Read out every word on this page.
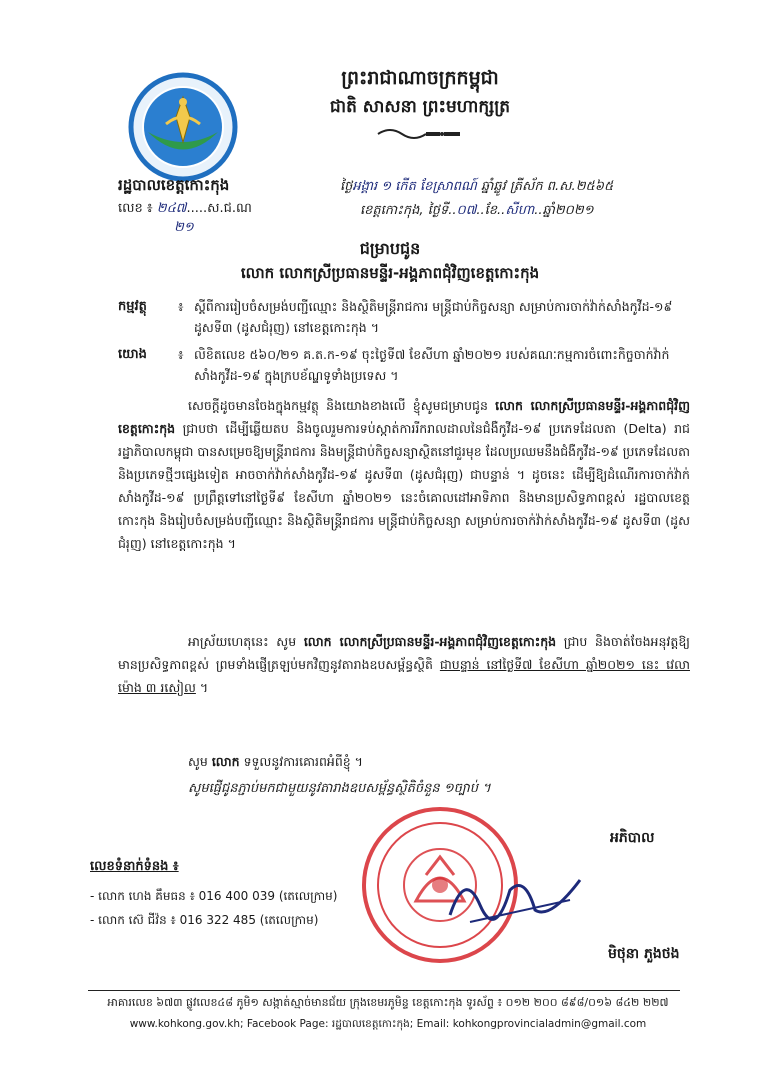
ព្រះរាជាណាចក្រកម្ពុជា
ជាតិ សាសនា ព្រះមហាក្សត្រ
រដ្ឋបាលខេត្តកោះកុង
លេខ ៖ ២៤៧.....ស.ជ.ណ
២១
ថ្ងៃអង្គារ ១ កើត ខែស្រាពណ៍ ឆ្នាំឆ្លូវ ត្រីស័ក ព.ស.២៥៦៥
ខេត្តកោះកុង, ថ្ងៃទី..០៧..ខែ..សីហា..ឆ្នាំ២០២១
ជម្រាបជូន
លោក លោកស្រីប្រធានមន្ទីរ-អង្គភាពជុំវិញខេត្តកោះកុង
កម្មវត្ថុ ៖ ស្តីពីការរៀបចំសម្រង់បញ្ជីឈ្មោះ និងស្ថិតិមន្ត្រីរាជការ មន្ត្រីជាប់កិច្ចសន្យា សម្រាប់ការចាក់វ៉ាក់សាំងកូវីដ-១៩ ដូសទី៣ (ដូសជំរុញ) នៅខេត្តកោះកុង ។
យោង ៖ លិខិតលេខ ៥៦០/២១ គ.ត.ក-១៩ ចុះថ្ងៃទី៧ ខែសីហា ឆ្នាំ២០២១ របស់គណៈកម្មការចំពោះកិច្ចចាក់វ៉ាក់សាំងកូវីដ-១៩ ក្នុងក្របខ័ណ្ឌទូទាំងប្រទេស ។
សេចក្តីដូចមានចែងក្នុងកម្មវត្ថុ និងយោងខាងលើ ខ្ញុំសូមជម្រាបជូន លោក លោកស្រីប្រធានមន្ទីរ-អង្គភាពជុំវិញខេត្តកោះកុង ជ្រាបថា ដើម្បីឆ្លើយតប និងចូលរួមការទប់ស្កាត់ការរីករាលដាលនៃជំងឺកូវីដ-១៩ ប្រភេទដែលតា (Delta) រាជរដ្ឋាភិបាលកម្ពុជា បានសម្រេចឱ្យមន្ត្រីរាជការ និងមន្ត្រីជាប់កិច្ចសន្យាស្ថិតនៅជួរមុខ ដែលប្រឈមនឹងជំងឺកូវីដ-១៩ ប្រភេទដែលតា និងប្រភេទថ្មីៗផ្សេងទៀត អាចចាក់វ៉ាក់សាំងកូវីដ-១៩ ដូសទី៣ (ដូសជំរុញ) ជាបន្ទាន់ ។ ដូចនេះ ដើម្បីឱ្យដំណើរការចាក់វ៉ាក់សាំងកូវីដ-១៩ ប្រព្រឹត្តទៅនៅថ្ងៃទី៩ ខែសីហា ឆ្នាំ២០២១ នេះចំគោលដៅអាទិភាព និងមានប្រសិទ្ធភាពខ្ពស់ រដ្ឋបាលខេត្តកោះកុង និងរៀបចំសម្រង់បញ្ជីឈ្មោះ និងស្ថិតិមន្ត្រីរាជការ មន្ត្រីជាប់កិច្ចសន្យា សម្រាប់ការចាក់វ៉ាក់សាំងកូវីដ-១៩ ដូសទី៣ (ដូសជំរុញ) នៅខេត្តកោះកុង ។
អាស្រ័យហេតុនេះ សូម លោក លោកស្រីប្រធានមន្ទីរ-អង្គភាពជុំវិញខេត្តកោះកុង ជ្រាប និងចាត់ចែងអនុវត្តឱ្យមានប្រសិទ្ធភាពខ្ពស់ ព្រមទាំងផ្ញើត្រឡប់មកវិញនូវតារាងឧបសម្ព័ន្ធស្ថិតិ ជាបន្ទាន់ នៅថ្ងៃទី៧ ខែសីហា ឆ្នាំ២០២១ នេះ វេលាម៉ោង ៣ រសៀល ។
សូម លោក ទទួលនូវការគោរពអំពីខ្ញុំ ។
សូមផ្ញើជូនភ្ជាប់មកជាមួយនូវតារាងឧបសម្ព័ន្ធស្ថិតិចំនួន ១ច្បាប់ ។
អភិបាល
មិថុនា ភួងថង
លេខទំនាក់ទំនង ៖
- លោក ហេង គឹមធន ៖ 016 400 039 (តេលេក្រាម)
- លោក ស៊េ ជីវ៉ន ៖ 016 322 485 (តេលេក្រាម)
អាគារលេខ ៦៧៣ ផ្លូវលេខ៤៨ ភូមិ១ សង្កាត់ស្មាច់មានជ័យ ក្រុងខេមរភូមិន្ទ ខេត្តកោះកុង ទូរស័ព្ទ ៖ ០១២ ២០០ ៨៩៨/០១៦ ៨៤២ ២២៧
www.kohkong.gov.kh; Facebook Page: រដ្ឋបាលខេត្តកោះកុង; Email: kohkongprovincialadmin@gmail.com
